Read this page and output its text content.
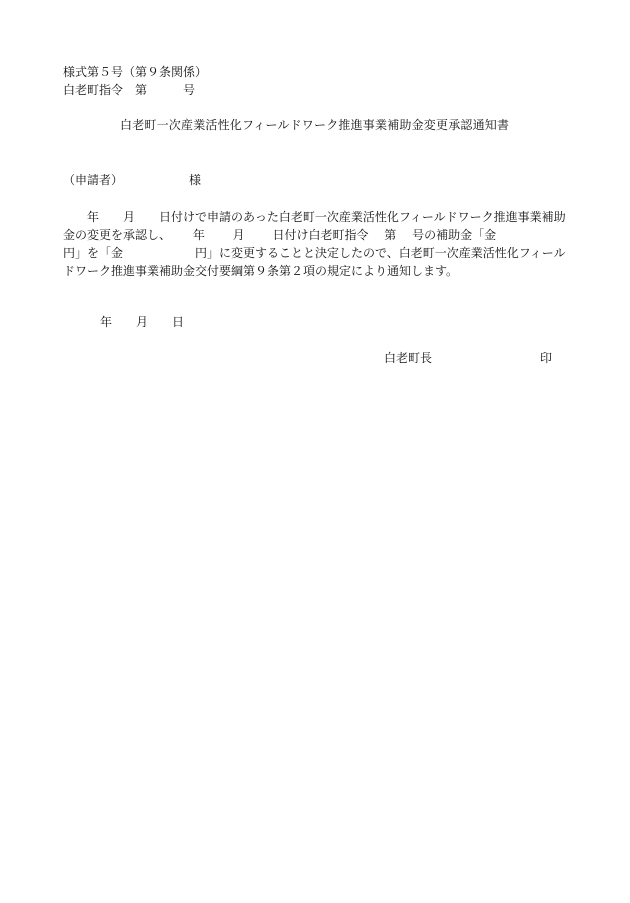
様式第５号（第９条関係）
白老町指令　第　　　号
白老町一次産業活性化フィールドワーク推進事業補助金変更承認通知書
（申請者）　　　　　　様
　　年　　月　　日付けで申請のあった白老町一次産業活性化フィールドワーク推進事業補助
金の変更を承認し、　　 年　　 月　　 日付け白老町指令　 第　 号の補助金「金
円」を「金　　　　　　円」に変更することと決定したので、白老町一次産業活性化フィール
ドワーク推進事業補助金交付要綱第９条第２項の規定により通知します。
年　　月　　日
白老町長　　　　　　　　　印
